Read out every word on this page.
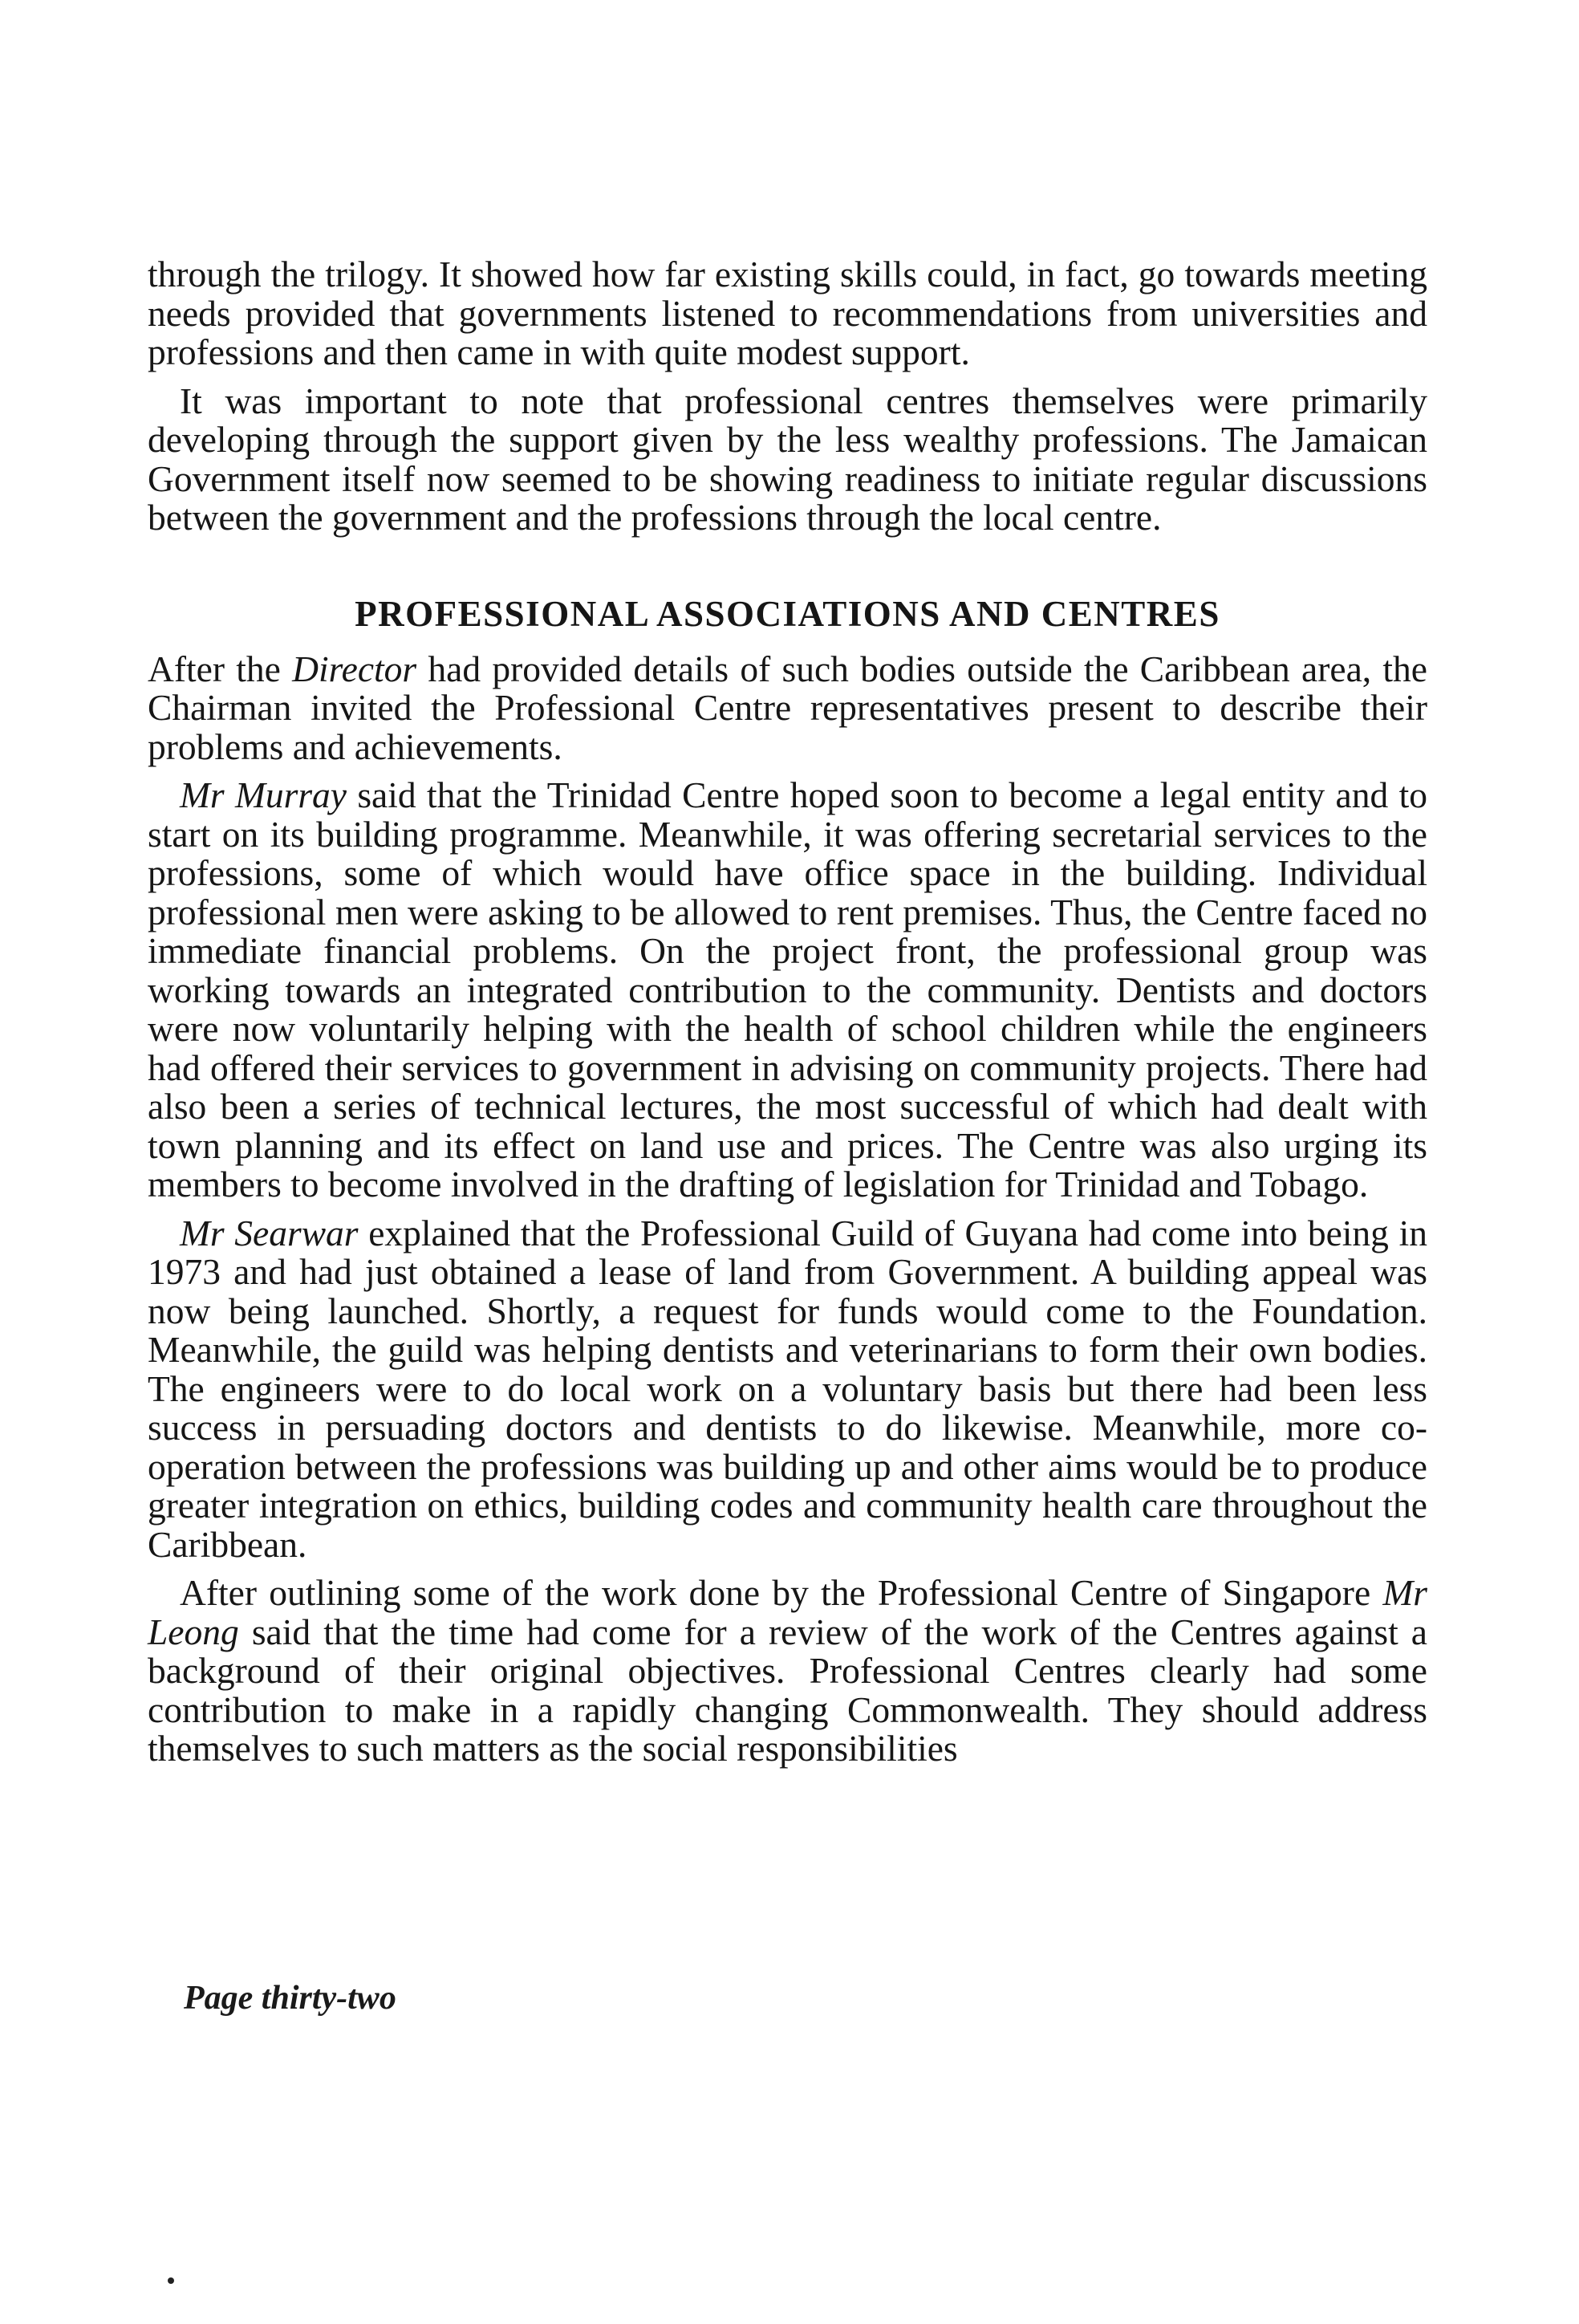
through the trilogy. It showed how far existing skills could, in fact, go towards meeting needs provided that governments listened to recommendations from universities and professions and then came in with quite modest support.

It was important to note that professional centres themselves were primarily developing through the support given by the less wealthy professions. The Jamaican Government itself now seemed to be showing readiness to initiate regular discussions between the government and the professions through the local centre.

PROFESSIONAL ASSOCIATIONS AND CENTRES

After the Director had provided details of such bodies outside the Caribbean area, the Chairman invited the Professional Centre representatives present to describe their problems and achievements.

Mr Murray said that the Trinidad Centre hoped soon to become a legal entity and to start on its building programme. Meanwhile, it was offering secretarial services to the professions, some of which would have office space in the building. Individual professional men were asking to be allowed to rent premises. Thus, the Centre faced no immediate financial problems. On the project front, the professional group was working towards an integrated contribution to the community. Dentists and doctors were now voluntarily helping with the health of school children while the engineers had offered their services to government in advising on community projects. There had also been a series of technical lectures, the most successful of which had dealt with town planning and its effect on land use and prices. The Centre was also urging its members to become involved in the drafting of legislation for Trinidad and Tobago.

Mr Searwar explained that the Professional Guild of Guyana had come into being in 1973 and had just obtained a lease of land from Government. A building appeal was now being launched. Shortly, a request for funds would come to the Foundation. Meanwhile, the guild was helping dentists and veterinarians to form their own bodies. The engineers were to do local work on a voluntary basis but there had been less success in persuading doctors and dentists to do likewise. Meanwhile, more co-operation between the professions was building up and other aims would be to produce greater integration on ethics, building codes and community health care throughout the Caribbean.

After outlining some of the work done by the Professional Centre of Singapore Mr Leong said that the time had come for a review of the work of the Centres against a background of their original objectives. Professional Centres clearly had some contribution to make in a rapidly changing Commonwealth. They should address themselves to such matters as the social responsibilities

Page thirty-two
